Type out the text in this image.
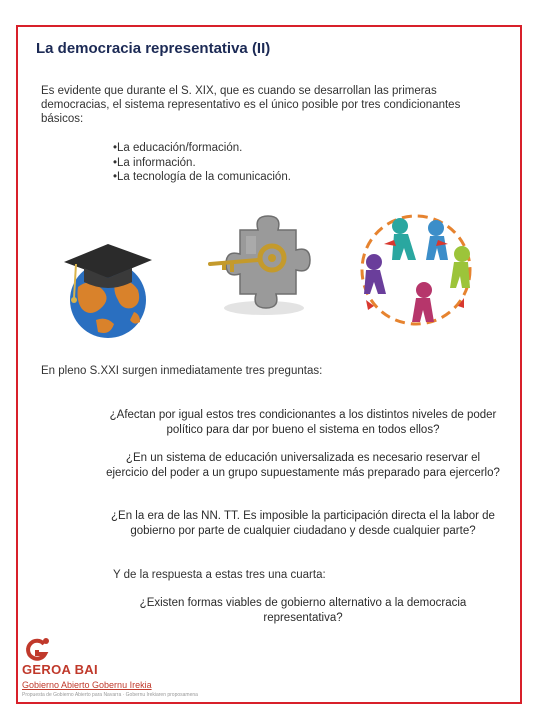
La democracia representativa (II)

Es evidente que durante el S. XIX, que es cuando se desarrollan las primeras democracias, el sistema representativo es el único posible por tres condicionantes básicos:

•La educación/formación.
•La información.
•La tecnología de la comunicación.

En pleno S.XXI surgen inmediatamente tres preguntas:

¿Afectan por igual estos tres condicionantes a los distintos niveles de poder político para dar por bueno el sistema en todos ellos?

¿En un sistema de educación universalizada es necesario reservar el ejercicio del poder a un grupo supuestamente más preparado para ejercerlo?

¿En la era de las NN. TT. Es imposible la participación directa el la labor de gobierno por parte de cualquier ciudadano y desde cualquier parte?

Y de la respuesta a estas tres una cuarta:

¿Existen formas viables de gobierno alternativo a la democracia representativa?

GEROA BAI
Gobierno Abierto Gobernu Irekia
Propuesta de Gobierno Abierto para Navarra · Gobernu Irekiaren proposamena
